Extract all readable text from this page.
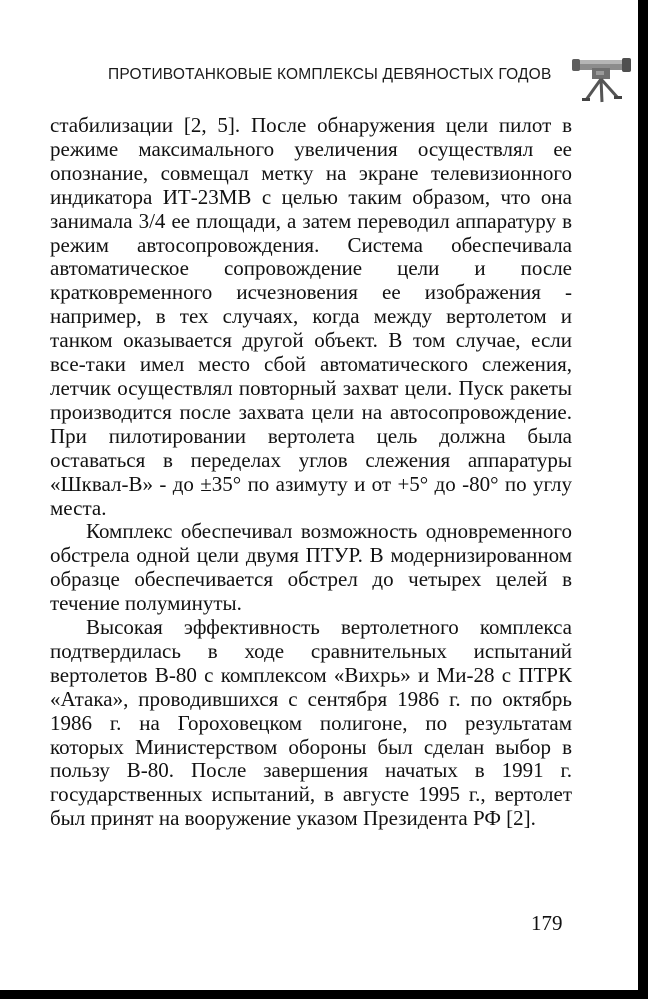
ПРОТИВОТАНКОВЫЕ КОМПЛЕКСЫ ДЕВЯНОСТЫХ ГОДОВ

стабилизации [2, 5]. После обнаружения цели пилот в режиме максимального увеличения осуществлял ее опознание, совмещал метку на экране телевизионного индикатора ИТ-23МВ с целью таким образом, что она занимала 3/4 ее площади, а затем переводил аппаратуру в режим автосопровождения. Система обеспечивала автоматическое сопровождение цели и после кратковременного исчезновения ее изображения - например, в тех случаях, когда между вертолетом и танком оказывается другой объект. В том случае, если все-таки имел место сбой автоматического слежения, летчик осуществлял повторный захват цели. Пуск ракеты производится после захвата цели на автосопровождение. При пилотировании вертолета цель должна была оставаться в переделах углов слежения аппаратуры «Шквал-В» - до ±35° по азимуту и от +5° до -80° по углу места.

Комплекс обеспечивал возможность одновременного обстрела одной цели двумя ПТУР. В модернизированном образце обеспечивается обстрел до четырех целей в течение полуминуты.

Высокая эффективность вертолетного комплекса подтвердилась в ходе сравнительных испытаний вертолетов В-80 с комплексом «Вихрь» и Ми-28 с ПТРК «Атака», проводившихся с сентября 1986 г. по октябрь 1986 г. на Гороховецком полигоне, по результатам которых Министерством обороны был сделан выбор в пользу В-80. После завершения начатых в 1991 г. государственных испытаний, в августе 1995 г., вертолет был принят на вооружение указом Президента РФ [2].

179
